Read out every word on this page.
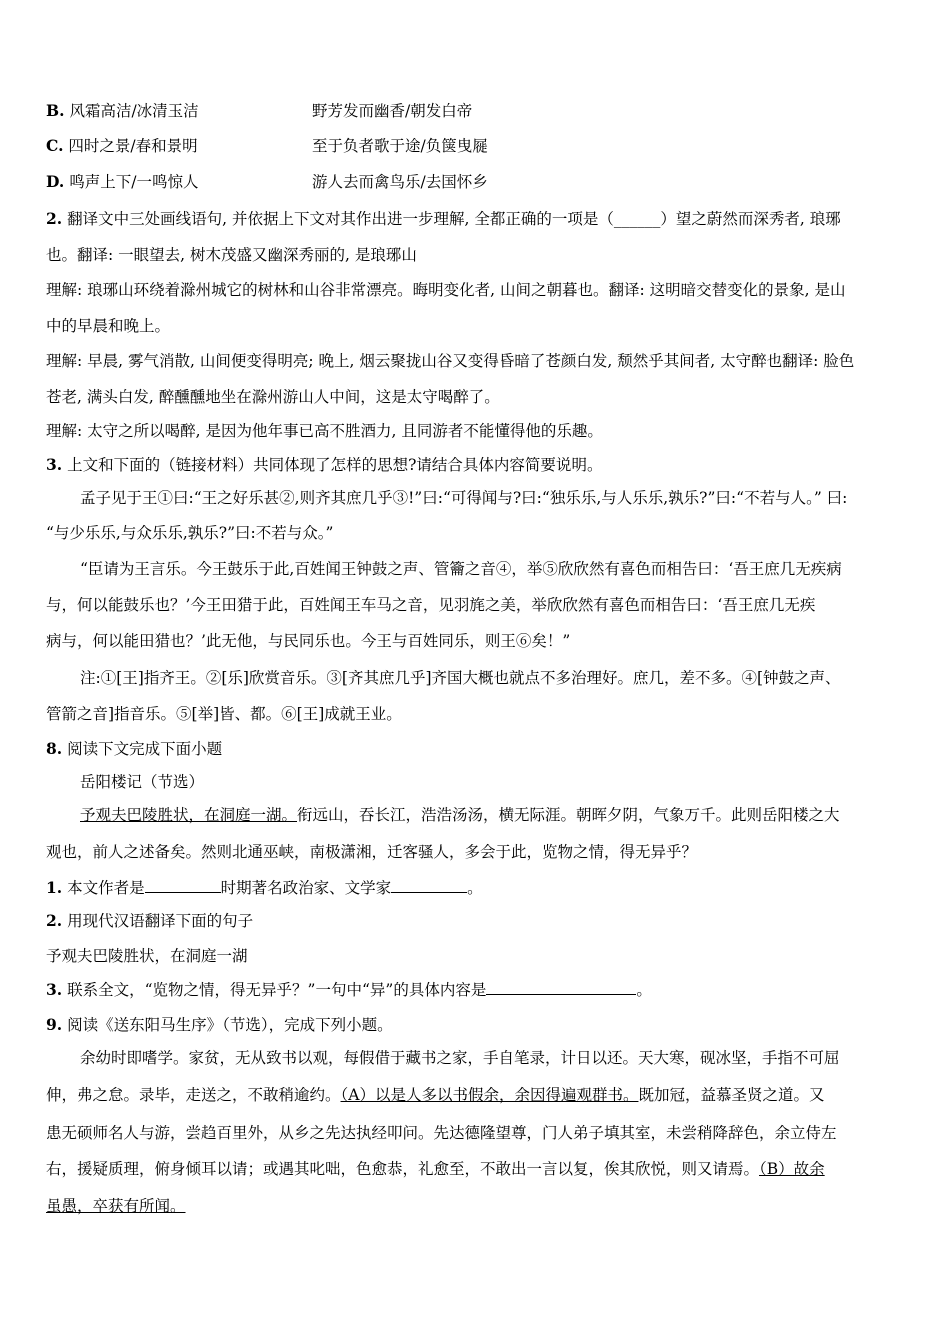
B. 风霜高洁/冰清玉洁	野芳发而幽香/朝发白帝
C. 四时之景/春和景明	至于负者歌于途/负箧曳屣
D. 鸣声上下/一鸣惊人	游人去而禽鸟乐/去国怀乡
2. 翻译文中三处画线语句, 并依据上下文对其作出进一步理解, 全都正确的一项是（______）望之蔚然而深秀者, 琅琊
也。翻译: 一眼望去, 树木茂盛又幽深秀丽的, 是琅琊山
理解: 琅琊山环绕着滁州城它的树林和山谷非常漂亮。晦明变化者, 山间之朝暮也。翻译: 这明暗交替变化的景象, 是山
中的早晨和晚上。
理解: 早晨, 雾气消散, 山间便变得明亮; 晚上, 烟云聚拢山谷又变得昏暗了苍颜白发, 颓然乎其间者, 太守醉也翻译: 脸色
苍老, 满头白发, 醉醺醺地坐在滁州游山人中间，这是太守喝醉了。
理解: 太守之所以喝醉, 是因为他年事已高不胜酒力, 且同游者不能懂得他的乐趣。
3. 上文和下面的（链接材料）共同体现了怎样的思想?请结合具体内容简要说明。
孟子见于王①曰:“王之好乐甚②,则齐其庶几乎③!”曰:“可得闻与?曰:“独乐乐,与人乐乐,孰乐?”曰:“不若与人。” 曰:
“与少乐乐,与众乐乐,孰乐?”曰:不若与众。”
“臣请为王言乐。今王鼓乐于此,百姓闻王钟鼓之声、管籥之音④，举⑤欣欣然有喜色而相告曰：‘吾王庶几无疾病
与，何以能鼓乐也？’今王田猎于此，百姓闻王车马之音，见羽旄之美，举欣欣然有喜色而相告曰：‘吾王庶几无疾
病与，何以能田猎也？’此无他，与民同乐也。今王与百姓同乐，则王⑥矣！”
注:①[王]指齐王。②[乐]欣赏音乐。③[齐其庶几乎]齐国大概也就点不多治理好。庶几，差不多。④[钟鼓之声、
管箭之音]指音乐。⑤[举]皆、都。⑥[王]成就王业。
8. 阅读下文完成下面小题
岳阳楼记（节选）
予观夫巴陵胜状，在洞庭一湖。衔远山，吞长江，浩浩汤汤，横无际涯。朝晖夕阴，气象万千。此则岳阳楼之大
观也，前人之述备矣。然则北通巫峡，南极潇湘，迁客骚人，多会于此，览物之情，得无异乎？
1. 本文作者是	时期著名政治家、文学家	。
2. 用现代汉语翻译下面的句子
予观夫巴陵胜状，在洞庭一湖
3. 联系全文，“览物之情，得无异乎？”一句中“异”的具体内容是	。
9. 阅读《送东阳马生序》（节选），完成下列小题。
余幼时即嗜学。家贫，无从致书以观，每假借于藏书之家，手自笔录，计日以还。天大寒，砚冰坚，手指不可屈
伸，弗之怠。录毕，走送之，不敢稍逾约。（A）以是人多以书假余，余因得遍观群书。既加冠，益慕圣贤之道。又
患无硕师名人与游，尝趋百里外，从乡之先达执经叩问。先达德隆望尊，门人弟子填其室，未尝稍降辞色，余立侍左
右，援疑质理，俯身倾耳以请；或遇其叱咄，色愈恭，礼愈至，不敢出一言以复，俟其欣悦，则又请焉。（B）故余
虽愚，卒获有所闻。
